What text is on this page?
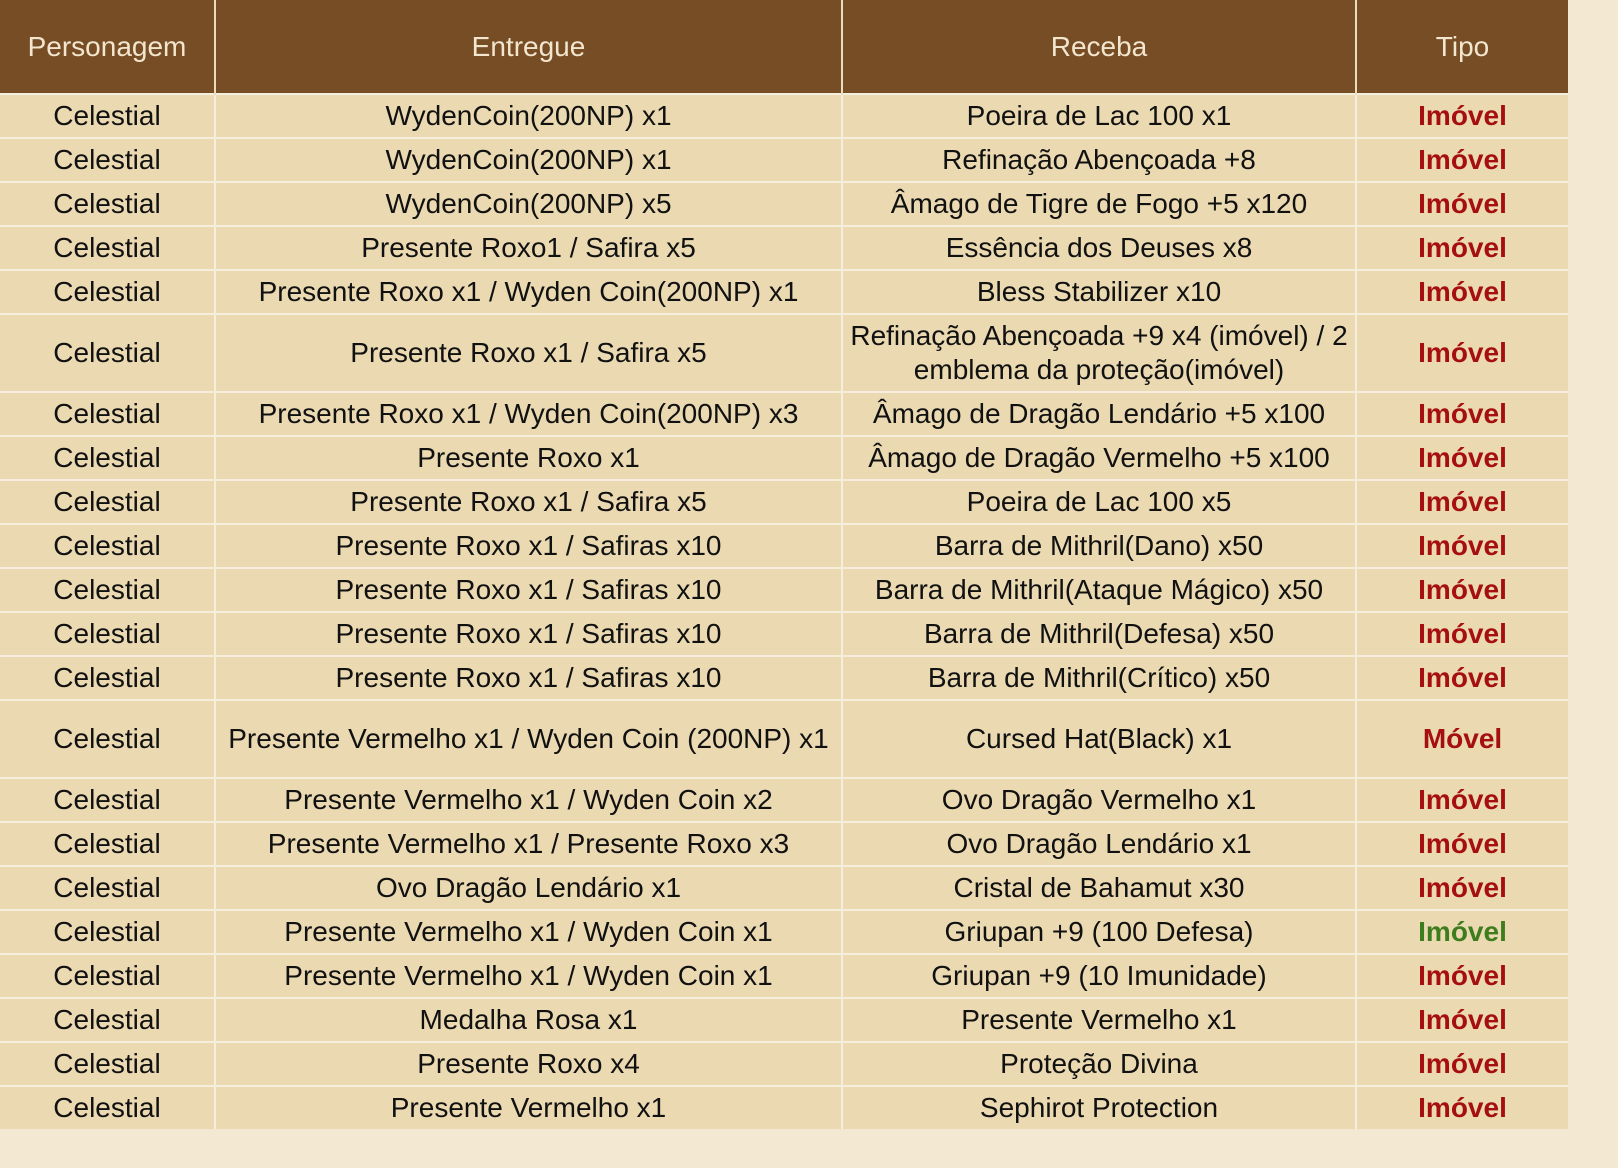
Personagem	Entregue	Receba	Tipo
Celestial	WydenCoin(200NP) x1	Poeira de Lac 100 x1	Imóvel
Celestial	WydenCoin(200NP) x1	Refinação Abençoada +8	Imóvel
Celestial	WydenCoin(200NP) x5	Âmago de Tigre de Fogo +5 x120	Imóvel
Celestial	Presente Roxo1 / Safira x5	Essência dos Deuses x8	Imóvel
Celestial	Presente Roxo x1 / Wyden Coin(200NP) x1	Bless Stabilizer x10	Imóvel
Celestial	Presente Roxo x1 / Safira x5	Refinação Abençoada +9 x4 (imóvel) / 2 emblema da proteção(imóvel)	Imóvel
Celestial	Presente Roxo x1 / Wyden Coin(200NP) x3	Âmago de Dragão Lendário +5 x100	Imóvel
Celestial	Presente Roxo x1	Âmago de Dragão Vermelho +5 x100	Imóvel
Celestial	Presente Roxo x1 / Safira x5	Poeira de Lac 100 x5	Imóvel
Celestial	Presente Roxo x1 / Safiras x10	Barra de Mithril(Dano) x50	Imóvel
Celestial	Presente Roxo x1 / Safiras x10	Barra de Mithril(Ataque Mágico) x50	Imóvel
Celestial	Presente Roxo x1 / Safiras x10	Barra de Mithril(Defesa) x50	Imóvel
Celestial	Presente Roxo x1 / Safiras x10	Barra de Mithril(Crítico) x50	Imóvel
Celestial	Presente Vermelho x1 / Wyden Coin (200NP) x1	Cursed Hat(Black) x1	Móvel
Celestial	Presente Vermelho x1 / Wyden Coin x2	Ovo Dragão Vermelho x1	Imóvel
Celestial	Presente Vermelho x1 / Presente Roxo x3	Ovo Dragão Lendário x1	Imóvel
Celestial	Ovo Dragão Lendário x1	Cristal de Bahamut x30	Imóvel
Celestial	Presente Vermelho x1 / Wyden Coin x1	Griupan +9 (100 Defesa)	Imóvel
Celestial	Presente Vermelho x1 / Wyden Coin x1	Griupan +9 (10 Imunidade)	Imóvel
Celestial	Medalha Rosa x1	Presente Vermelho x1	Imóvel
Celestial	Presente Roxo x4	Proteção Divina	Imóvel
Celestial	Presente Vermelho x1	Sephirot Protection	Imóvel
